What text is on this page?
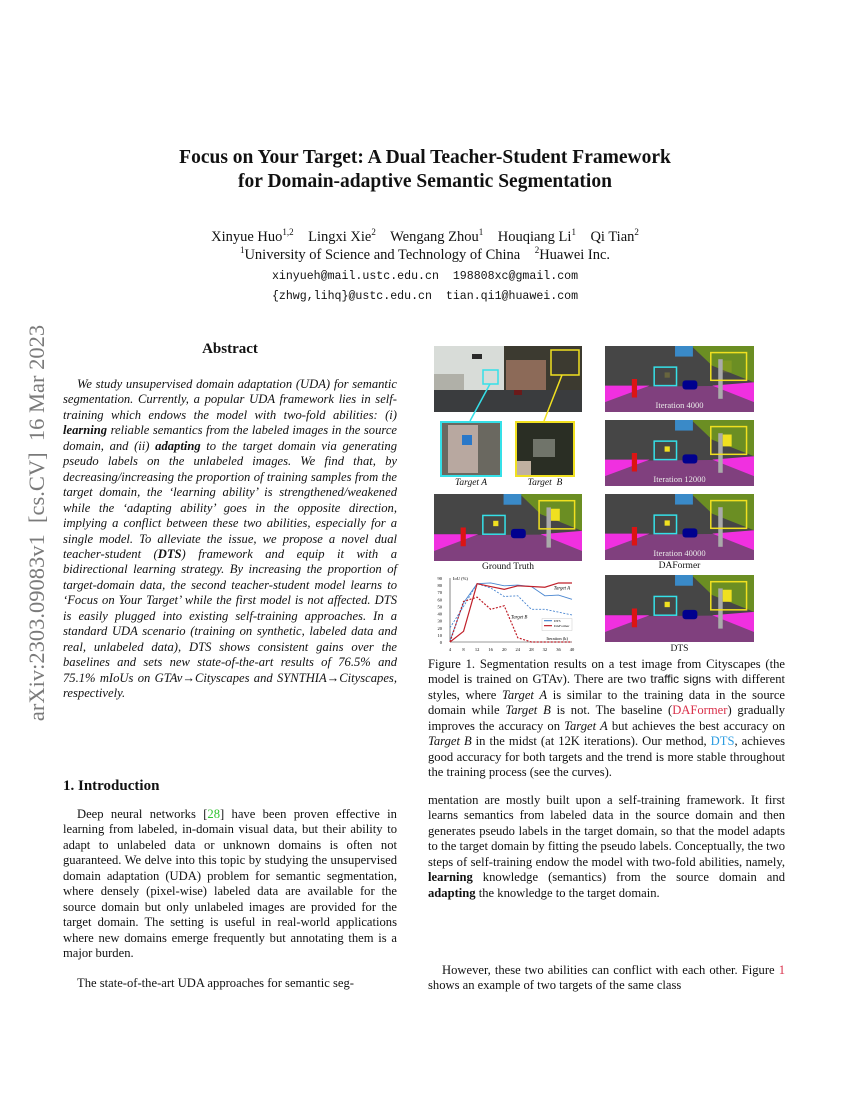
arXiv:2303.09083v1  [cs.CV]  16 Mar 2023
Focus on Your Target: A Dual Teacher-Student Framework
for Domain-adaptive Semantic Segmentation
Xinyue Huo$^{1,2}$    Lingxi Xie$^2$    Wengang Zhou$^1$    Houqiang Li$^1$    Qi Tian$^2$
$^1$University of Science and Technology of China    $^2$Huawei Inc.
xinyueh@mail.ustc.edu.cn  198808xc@gmail.com
{zhwg,lihq}@ustc.edu.cn  tian.qi1@huawei.com
Abstract

We study unsupervised domain adaptation (UDA) for semantic segmentation. Currently, a popular UDA framework lies in self-training which endows the model with two-fold abilities: (i) learning reliable semantics from the labeled images in the source domain, and (ii) adapting to the target domain via generating pseudo labels on the unlabeled images. We find that, by decreasing/increasing the proportion of training samples from the target domain, the ‘learning ability’ is strengthened/weakened while the ‘adapting ability’ goes in the opposite direction, implying a conflict between these two abilities, especially for a single model. To alleviate the issue, we propose a novel dual teacher-student (DTS) framework and equip it with a bidirectional learning strategy. By increasing the proportion of target-domain data, the second teacher-student model learns to ‘Focus on Your Target’ while the first model is not affected. DTS is easily plugged into existing self-training approaches. In a standard UDA scenario (training on synthetic, labeled data and real, unlabeled data), DTS shows consistent gains over the baselines and sets new state-of-the-art results of 76.5% and 75.1% mIoUs on GTAv→Cityscapes and SYNTHIA→Cityscapes, respectively.

1. Introduction

Deep neural networks [28] have been proven effective in learning from labeled, in-domain visual data, but their ability to adapt to unlabeled data or unknown domains is often not guaranteed. We delve into this topic by studying the unsupervised domain adaptation (UDA) problem for semantic segmentation, where densely (pixel-wise) labeled data are available for the source domain but only unlabeled images are provided for the target domain. The setting is useful in real-world applications where new domains emerge frequently but annotating them is a major burden.

The state-of-the-art UDA approaches for semantic seg-

mentation are mostly built upon a self-training framework. It first learns semantics from labeled data in the source domain and then generates pseudo labels in the target domain, so that the model adapts to the target domain by fitting the pseudo labels. Conceptually, the two steps of self-training endow the model with two-fold abilities, namely, learning knowledge (semantics) from the source domain and adapting the knowledge to the target domain.

However, these two abilities can conflict with each other. Figure 1 shows an example of two targets of the same class

Target A	Target  B
Ground Truth
Iteration 4000
Iteration 12000
Iteration 40000
DAFormer
DTS
0
10
20
30
40
50
60
70
80
90
4	8 12 16 20 24 28 32 36 40
IoU (%)
Iteration (k)
Target A
Target B
DTS
DAFormer

Figure 1. Segmentation results on a test image from Cityscapes (the model is trained on GTAv). There are two traffic signs with different styles, where Target A is similar to the training data in the source domain while Target B is not. The baseline (DAFormer) gradually improves the accuracy on Target A but achieves the best accuracy on Target B in the midst (at 12K iterations). Our method, DTS, achieves good accuracy for both targets and the trend is more stable throughout the training process (see the curves).
